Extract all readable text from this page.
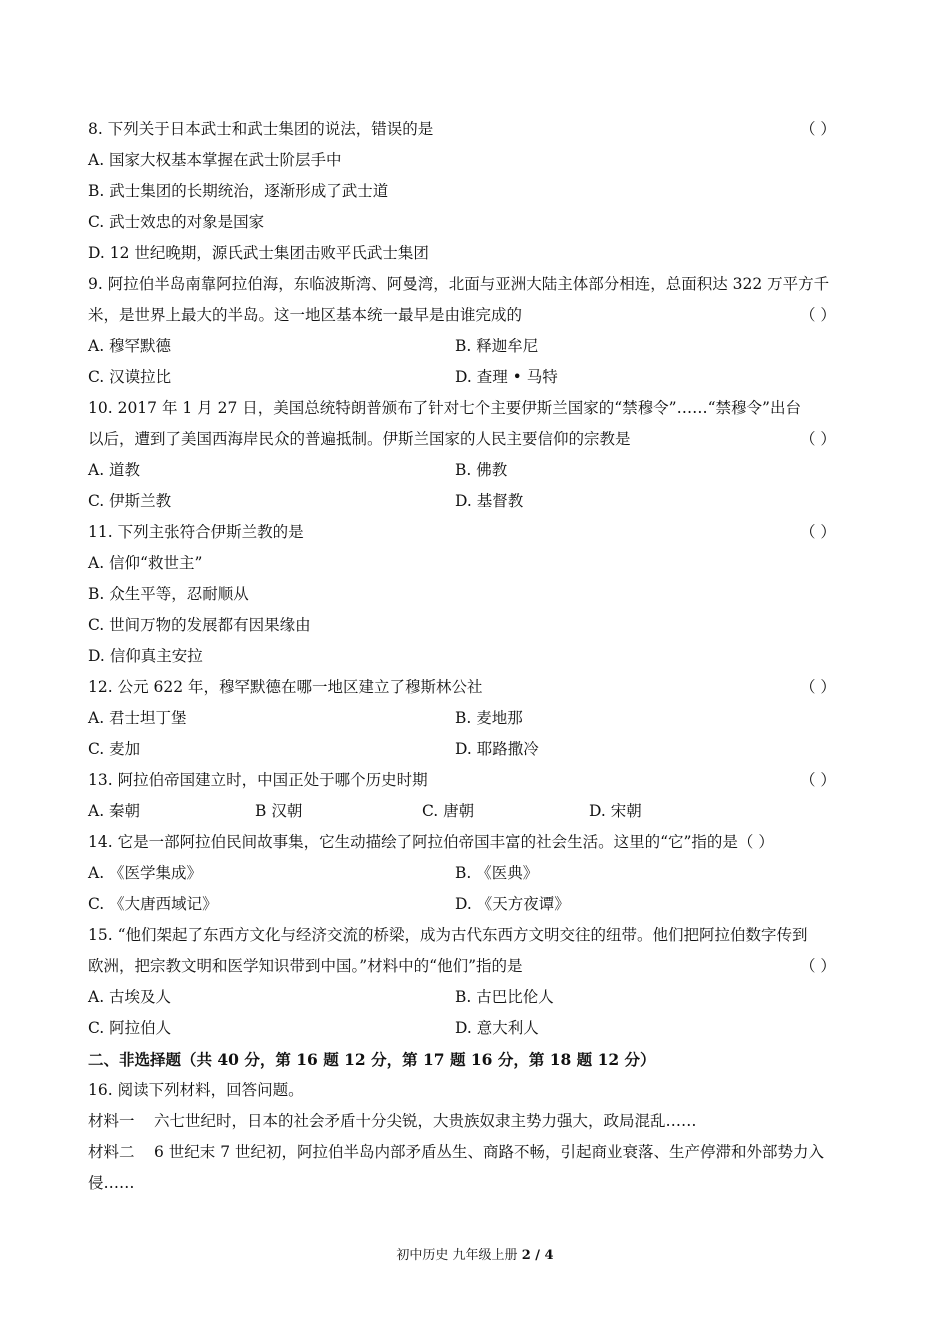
8. 下列关于日本武士和武士集团的说法，错误的是	（ ）
A. 国家大权基本掌握在武士阶层手中
B. 武士集团的长期统治，逐渐形成了武士道
C. 武士效忠的对象是国家
D. 12 世纪晚期，源氏武士集团击败平氏武士集团
9. 阿拉伯半岛南靠阿拉伯海，东临波斯湾、阿曼湾，北面与亚洲大陆主体部分相连，总面积达 322 万平方千
米，是世界上最大的半岛。这一地区基本统一最早是由谁完成的	（ ）
A. 穆罕默德	B. 释迦牟尼
C. 汉谟拉比	D. 查理 • 马特
10. 2017 年 1 月 27 日，美国总统特朗普颁布了针对七个主要伊斯兰国家的“禁穆令”……“禁穆令”出台
以后，遭到了美国西海岸民众的普遍抵制。伊斯兰国家的人民主要信仰的宗教是	（ ）
A. 道教	B. 佛教
C. 伊斯兰教	D. 基督教
11. 下列主张符合伊斯兰教的是	（ ）
A. 信仰“救世主”
B. 众生平等，忍耐顺从
C. 世间万物的发展都有因果缘由
D. 信仰真主安拉
12. 公元 622 年，穆罕默德在哪一地区建立了穆斯林公社	（ ）
A. 君士坦丁堡	B. 麦地那
C. 麦加	D. 耶路撒冷
13. 阿拉伯帝国建立时，中国正处于哪个历史时期	（ ）
A. 秦朝	B 汉朝	C. 唐朝	D. 宋朝
14. 它是一部阿拉伯民间故事集，它生动描绘了阿拉伯帝国丰富的社会生活。这里的“它”指的是（ ）
A. 《医学集成》	B. 《医典》
C. 《大唐西域记》	D. 《天方夜谭》
15. “他们架起了东西方文化与经济交流的桥梁，成为古代东西方文明交往的纽带。他们把阿拉伯数字传到
欧洲，把宗教文明和医学知识带到中国。”材料中的“他们”指的是	（ ）
A. 古埃及人	B. 古巴比伦人
C. 阿拉伯人	D. 意大利人
二、非选择题（共 40 分，第 16 题 12 分，第 17 题 16 分，第 18 题 12 分）
16. 阅读下列材料，回答问题。
材料一 六七世纪时，日本的社会矛盾十分尖锐，大贵族奴隶主势力强大，政局混乱……
材料二 6 世纪末 7 世纪初，阿拉伯半岛内部矛盾丛生、商路不畅，引起商业衰落、生产停滞和外部势力入
侵……
初中历史 九年级上册 2 / 4
